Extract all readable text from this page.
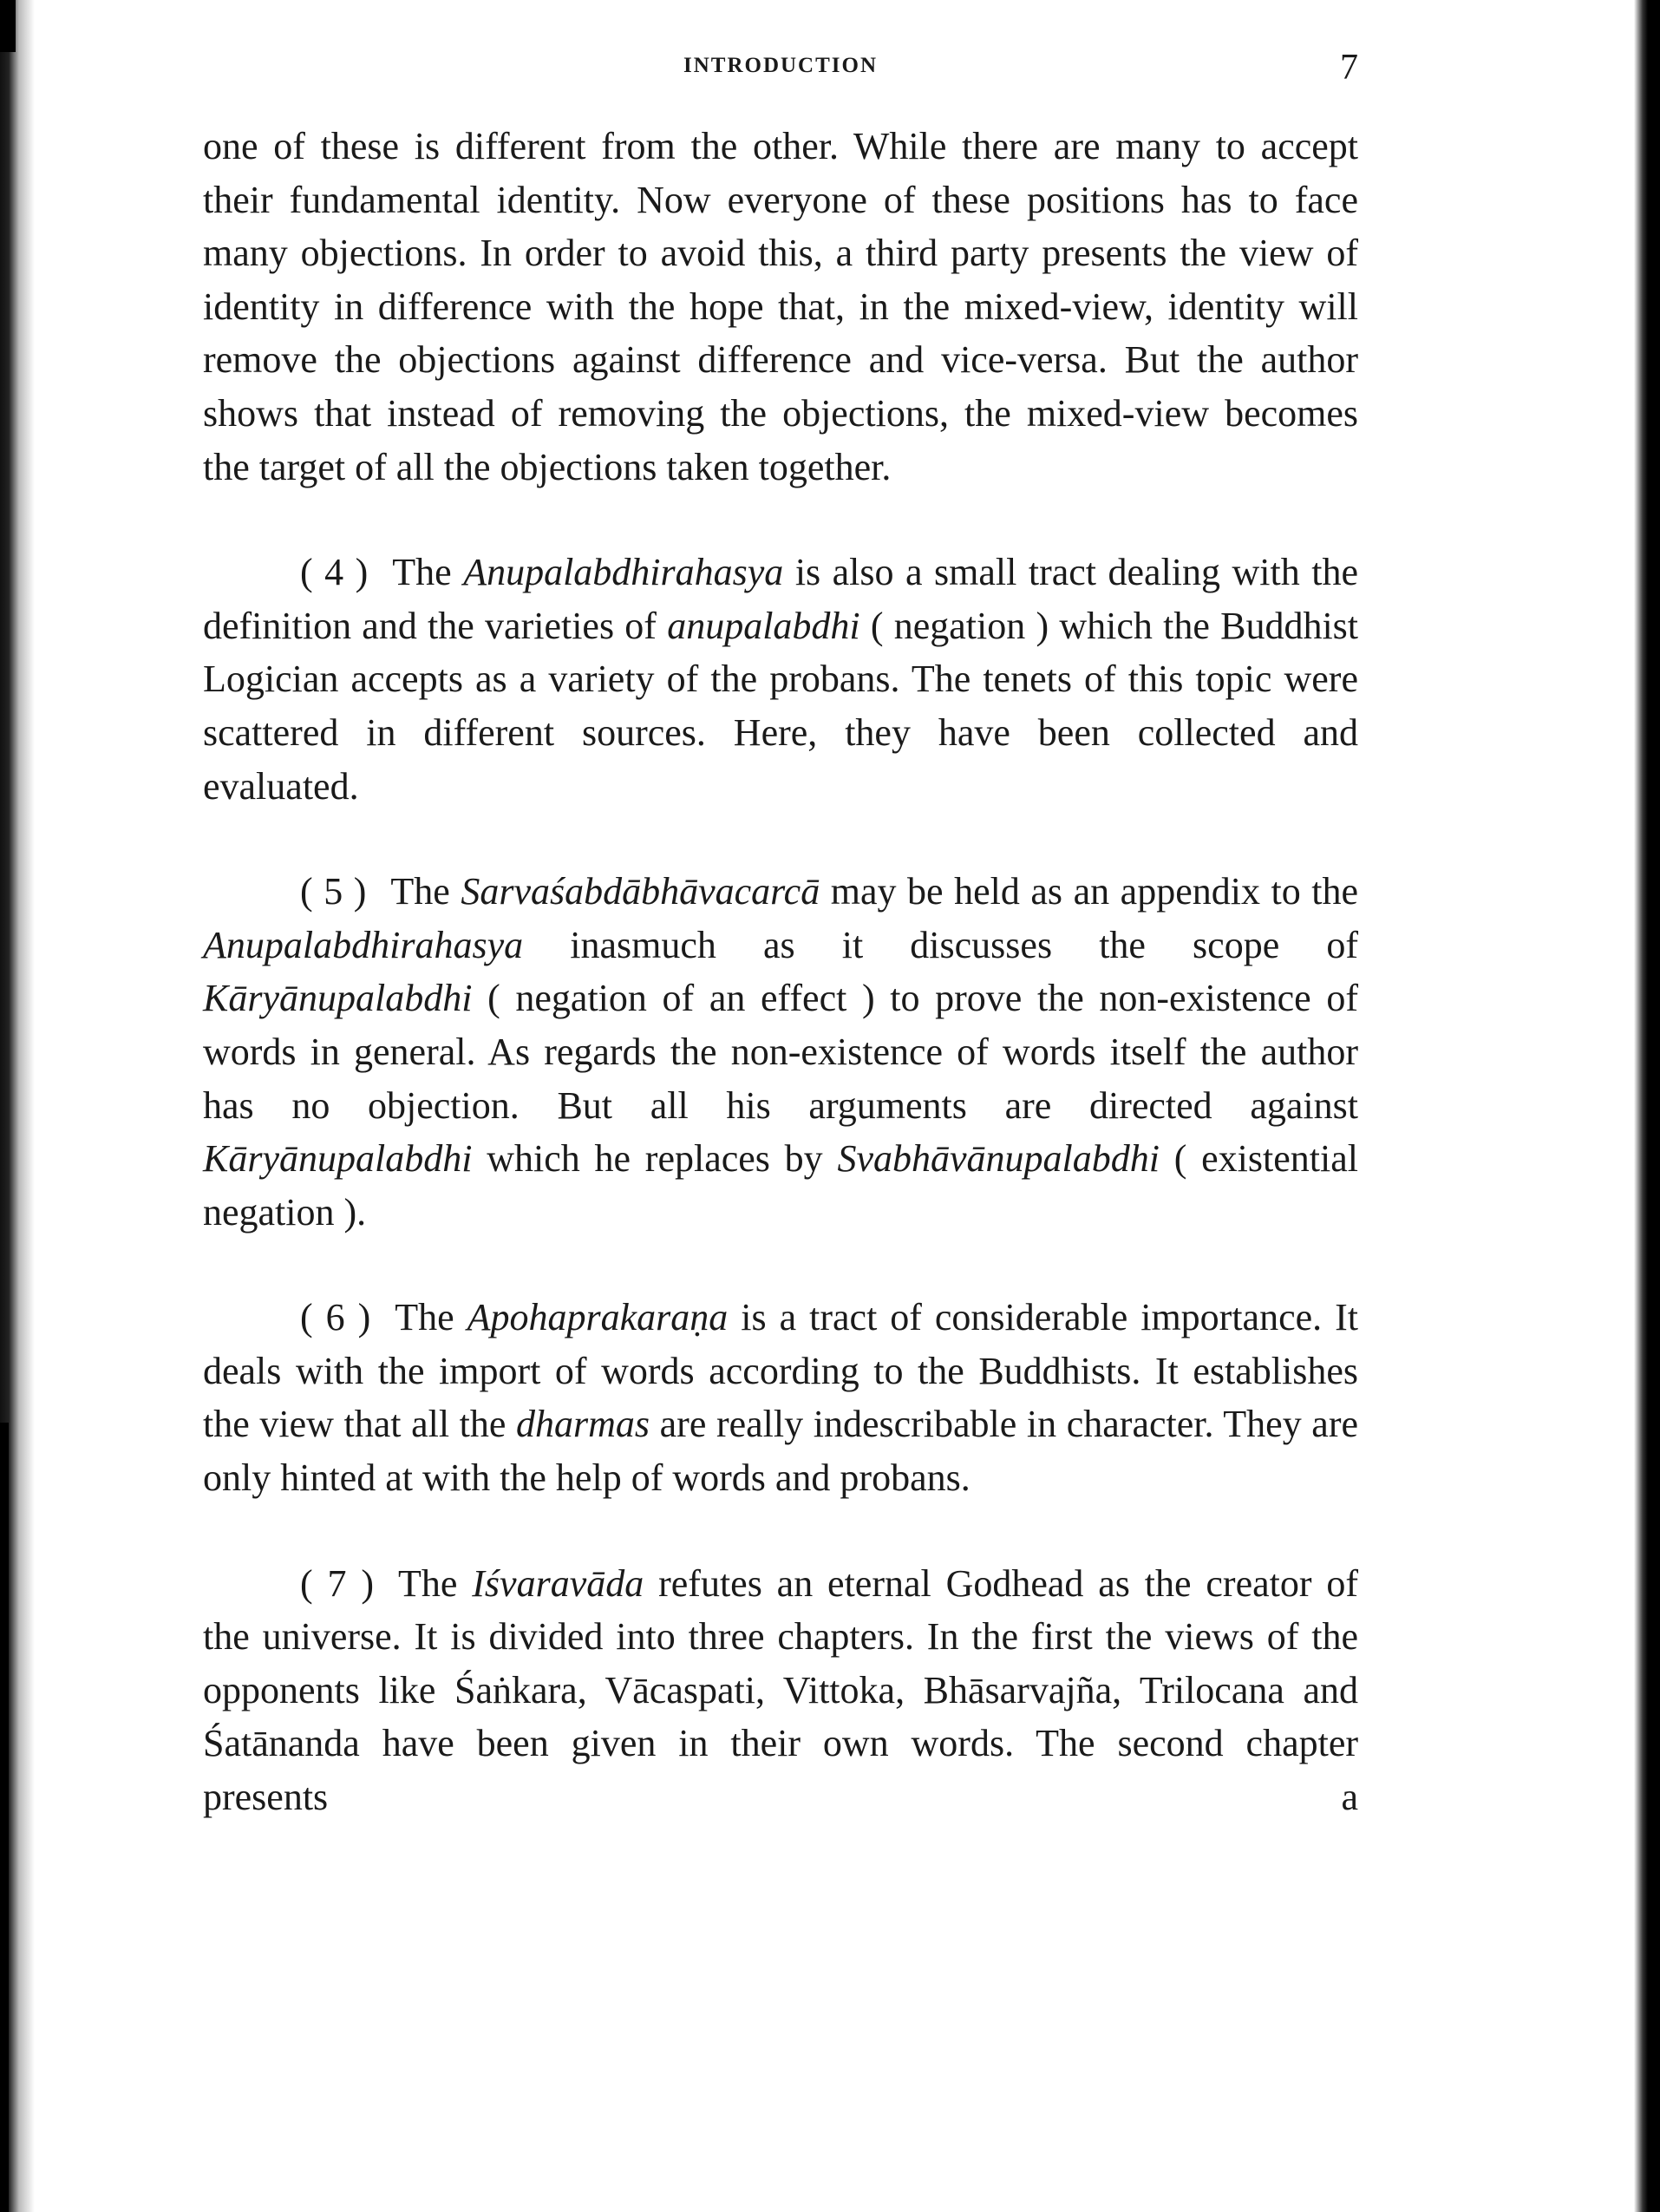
INTRODUCTION	7

one of these is different from the other. While there are many to accept their fundamental identity. Now everyone of these positions has to face many objections. In order to avoid this, a third party presents the view of identity in difference with the hope that, in the mixed-view, identity will remove the objections against difference and vice-versa. But the author shows that instead of removing the objections, the mixed-view becomes the target of all the objections taken together.

( 4 ) The Anupalabdhirahasya is also a small tract dealing with the definition and the varieties of anupalabdhi ( negation ) which the Buddhist Logician accepts as a variety of the probans. The tenets of this topic were scattered in different sources. Here, they have been collected and evaluated.

( 5 ) The Sarvaśabdābhāvacarcā may be held as an appendix to the Anupalabdhirahasya inasmuch as it discusses the scope of Kāryānupalabdhi ( negation of an effect ) to prove the non-existence of words in general. As regards the non-existence of words itself the author has no objection. But all his arguments are directed against Kāryānupalabdhi which he replaces by Svabhāvānupalabdhi ( existential negation ).

( 6 ) The Apohaprakaraṇa is a tract of considerable importance. It deals with the import of words according to the Buddhists. It establishes the view that all the dharmas are really indescribable in character. They are only hinted at with the help of words and probans.

( 7 ) The Iśvaravāda refutes an eternal Godhead as the creator of the universe. It is divided into three chapters. In the first the views of the opponents like Śaṅkara, Vācaspati, Vittoka, Bhāsarvajña, Trilocana and Śatānanda have been given in their own words. The second chapter presents a
